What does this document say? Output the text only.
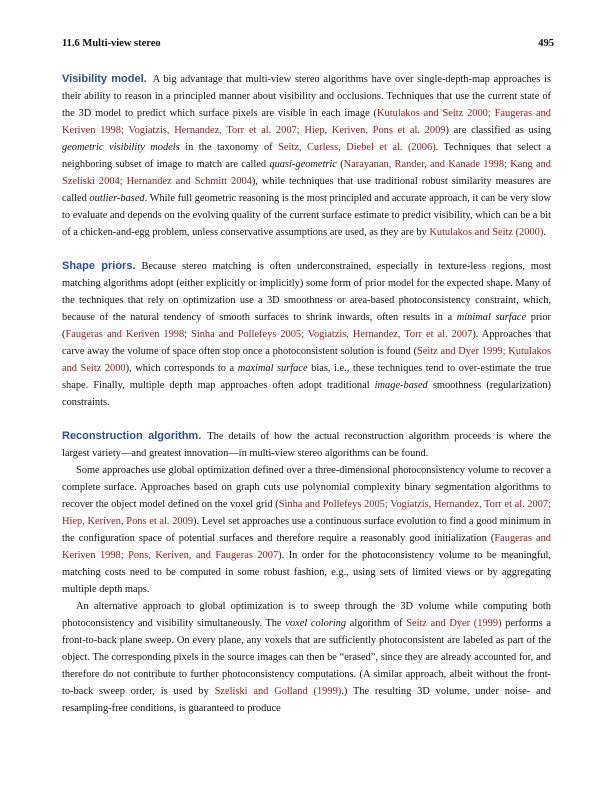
11.6 Multi-view stereo	495

Visibility model. A big advantage that multi-view stereo algorithms have over single-depth-map approaches is their ability to reason in a principled manner about visibility and occlusions. Techniques that use the current state of the 3D model to predict which surface pixels are visible in each image (Kutulakos and Seitz 2000; Faugeras and Keriven 1998; Vogiatzis, Hernandez, Torr et al. 2007; Hiep, Keriven, Pons et al. 2009) are classified as using geometric visibility models in the taxonomy of Seitz, Curless, Diebel et al. (2006). Techniques that select a neighboring subset of image to match are called quasi-geometric (Narayanan, Rander, and Kanade 1998; Kang and Szeliski 2004; Hernandez and Schmitt 2004), while techniques that use traditional robust similarity measures are called outlier-based. While full geometric reasoning is the most principled and accurate approach, it can be very slow to evaluate and depends on the evolving quality of the current surface estimate to predict visibility, which can be a bit of a chicken-and-egg problem, unless conservative assumptions are used, as they are by Kutulakos and Seitz (2000).

Shape priors. Because stereo matching is often underconstrained, especially in texture-less regions, most matching algorithms adopt (either explicitly or implicitly) some form of prior model for the expected shape. Many of the techniques that rely on optimization use a 3D smoothness or area-based photoconsistency constraint, which, because of the natural tendency of smooth surfaces to shrink inwards, often results in a minimal surface prior (Faugeras and Keriven 1998; Sinha and Pollefeys 2005; Vogiatzis, Hernandez, Torr et al. 2007). Approaches that carve away the volume of space often stop once a photoconsistent solution is found (Seitz and Dyer 1999; Kutulakos and Seitz 2000), which corresponds to a maximal surface bias, i.e., these techniques tend to over-estimate the true shape. Finally, multiple depth map approaches often adopt traditional image-based smoothness (regularization) constraints.

Reconstruction algorithm. The details of how the actual reconstruction algorithm proceeds is where the largest variety—and greatest innovation—in multi-view stereo algorithms can be found.

Some approaches use global optimization defined over a three-dimensional photoconsistency volume to recover a complete surface. Approaches based on graph cuts use polynomial complexity binary segmentation algorithms to recover the object model defined on the voxel grid (Sinha and Pollefeys 2005; Vogiatzis, Hernandez, Torr et al. 2007; Hiep, Keriven, Pons et al. 2009). Level set approaches use a continuous surface evolution to find a good minimum in the configuration space of potential surfaces and therefore require a reasonably good initialization (Faugeras and Keriven 1998; Pons, Keriven, and Faugeras 2007). In order for the photoconsistency volume to be meaningful, matching costs need to be computed in some robust fashion, e.g., using sets of limited views or by aggregating multiple depth maps.

An alternative approach to global optimization is to sweep through the 3D volume while computing both photoconsistency and visibility simultaneously. The voxel coloring algorithm of Seitz and Dyer (1999) performs a front-to-back plane sweep. On every plane, any voxels that are sufficiently photoconsistent are labeled as part of the object. The corresponding pixels in the source images can then be “erased”, since they are already accounted for, and therefore do not contribute to further photoconsistency computations. (A similar approach, albeit without the front-to-back sweep order, is used by Szeliski and Golland (1999).) The resulting 3D volume, under noise- and resampling-free conditions, is guaranteed to produce
